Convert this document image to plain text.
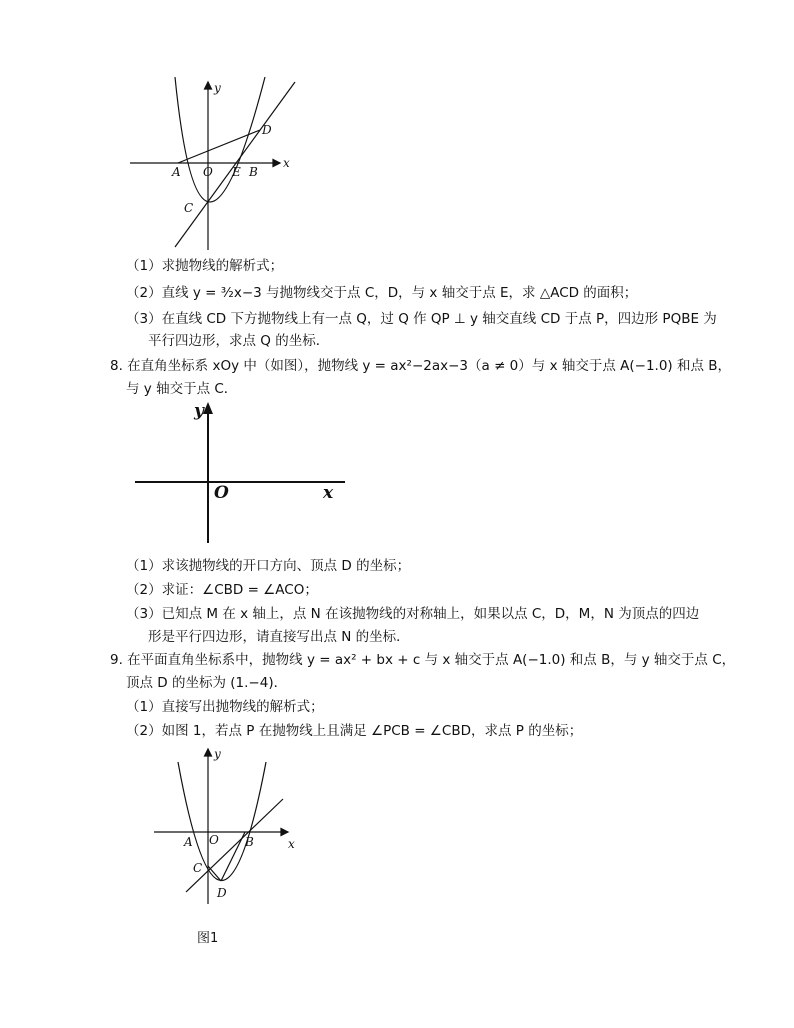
y
x
A O E B
C
D
（1）求抛物线的解析式；
（2）直线 y = ³⁄₂x−3 与抛物线交于点 C，D，与 x 轴交于点 E，求 △ACD 的面积；
（3）在直线 CD 下方抛物线上有一点 Q，过 Q 作 QP ⊥ y 轴交直线 CD 于点 P，四边形 PQBE 为
平行四边形，求点 Q 的坐标．
8. 在直角坐标系 xOy 中（如图），抛物线 y = ax²−2ax−3（a ≠ 0）与 x 轴交于点 A(−1.0) 和点 B，
与 y 轴交于点 C．
y
O	x
（1）求该抛物线的开口方向、顶点 D 的坐标；
（2）求证：∠CBD = ∠ACO；
（3）已知点 M 在 x 轴上，点 N 在该抛物线的对称轴上，如果以点 C，D，M，N 为顶点的四边
形是平行四边形，请直接写出点 N 的坐标．
9. 在平面直角坐标系中，抛物线 y = ax² + bx + c 与 x 轴交于点 A(−1.0) 和点 B，与 y 轴交于点 C，
顶点 D 的坐标为 (1.−4)．
（1）直接写出抛物线的解析式；
（2）如图 1，若点 P 在抛物线上且满足 ∠PCB = ∠CBD，求点 P 的坐标；
y
A O B	x
C
D
图1
